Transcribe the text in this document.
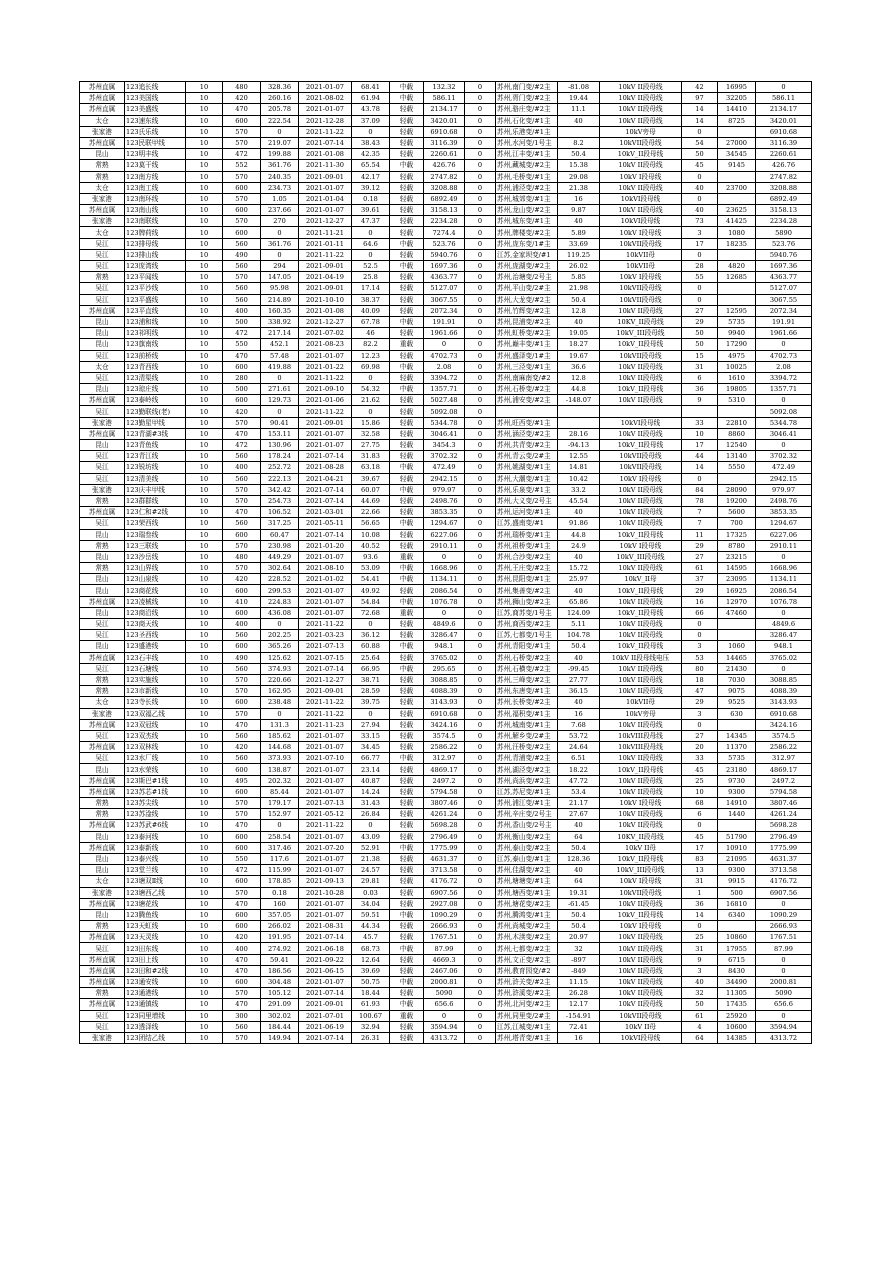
苏州直属	123追长线	10	480	328.36	2021-01-07	68.41	中载	132.32	0	苏州,南门变/#2主	-81.08	10kV II段母线	42	16995	0
苏州直属	123美国线	10	420	260.16	2021-08-02	61.94	中载	586.11	0	苏州,胥门变/#2主	19.44	10kV II段母线	97	32205	586.11
苏州直属	123美盛线	10	470	205.78	2021-01-07	43.78	轻载	2134.17	0	苏州,骆庄变/#2主	11.1	10kV II段母线	14	14410	2134.17
太仓	123速东线	10	600	222.54	2021-12-28	37.09	轻载	3420.01	0	苏州,石化变/#1主	40	10kV II段母线	14	8725	3420.01
张家港	123氏乐线	10	570	0	2021-11-22	0	轻载	6910.68	0	苏州,乐港变/#1主		10kV旁母	0		6910.68
苏州直属	123民联甲线	10	570	219.07	2021-07-14	38.43	轻载	3116.39	0	苏州,水河变/1号主	8.2	10kVII段母线	54	27000	3116.39
昆山	123明丰线	10	472	199.88	2021-01-08	42.35	轻载	2260.61	0	苏州,江丰变/#1主	50.4	10kV_II段母线	50	34545	2260.61
常熟	123莫干线	10	552	361.76	2021-11-30	65.54	中载	426.76	0	苏州,藏城变/#2主	15.38	10kV II段母线	45	9145	426.76
常熟	123南方线	10	570	240.35	2021-09-01	42.17	轻载	2747.82	0	苏州,毛桥变/#1主	29.08	10kV I段母线	0		2747.82
太仓	123南工线	10	600	234.73	2021-01-07	39.12	轻载	3208.88	0	苏州,浦泾变/#2主	21.38	10kV II段母线	40	23700	3208.88
张家港	123南环线	10	570	1.05	2021-01-04	0.18	轻载	6892.49	0	苏州,城郊变/#1主	16	10kVI段母线	0		6892.49
苏州直属	123南山线	10	600	237.66	2021-01-07	39.61	轻载	3158.13	0	苏州,龙山变/#2主	9.87	10kV II段母线	40	23625	3158.13
张家港	123南联线	10	570	270	2021-12-27	47.37	轻载	2234.28	0	苏州,城东变/#1主	40	10kVI段母线	73	41425	2234.28
太仓	123牌荷线	10	600	0	2021-11-21	0	轻载	7274.4	0	苏州,牌楼变/#2主	5.89	10kV I段母线	3	1080	5890
吴江	123排母线	10	560	361.76	2021-01-11	64.6	中载	523.76	0	苏州,庞东变/1#主	33.69	10kVII段母线	17	18235	523.76
吴江	123排山线	10	490	0	2021-11-22	0	轻载	5940.76	0	江苏,金家坝变/#1	119.25	10kVII母	0		5940.76
吴江	123庞湾线	10	560	294	2021-09-01	52.5	中载	1697.36	0	苏州,庞湖变/#2主	26.02	10kVII母	28	4820	1697.36
常熟	123平闻线	10	570	147.05	2021-04-19	25.8	轻载	4363.77	0	苏州,治塘变/2号主	5.85	10kV I段母线	55	12685	4363.77
吴江	123平沙线	10	560	95.98	2021-09-01	17.14	轻载	5127.07	0	苏州,平山变/2#主	21.98	10kVII段母线	0		5127.07
吴江	123平盛线	10	560	214.89	2021-10-10	38.37	轻载	3067.55	0	苏州,大龙变/#2主	50.4	10kVII段母线	0		3067.55
苏州直属	123平直线	10	400	160.35	2021-01-08	40.09	轻载	2072.34	0	苏州,竹辉变/#2主	12.8	10kV II段母线	27	12595	2072.34
昆山	123浦和线	10	500	338.92	2021-12-27	67.78	中载	191.91	0	苏州,昆浦变/#2主	40	10KV_II段母线	29	5735	191.91
昆山	123祁明线	10	472	217.14	2021-07-02	46	轻载	1961.66	0	苏州,虹桥变/#2主	19.05	10kV_III段母线	50	9940	1961.66
昆山	123旗南线	10	550	452.1	2021-08-23	82.2	重载	0	0	苏州,巅丰变/#1主	18.27	10kV_II段母线	50	17290	0
吴江	123前桥线	10	470	57.48	2021-01-07	12.23	轻载	4702.73	0	苏州,盛泽变/1#主	19.67	10kVII段母线	15	4975	4702.73
太仓	123青西线	10	600	419.88	2021-01-22	69.98	中载	2.08	0	苏州,三泾变/#1主	36.6	10kV II段母线	31	10025	2.08
吴江	123清渠线	10	280	0	2021-11-22	0	轻载	3394.72	0	苏州,南麻南变/#2	12.8	10kV II段母线	6	1610	3394.72
昆山	123琼庄线	10	500	271.61	2021-09-10	54.32	中载	1357.71	0	苏州,石桥变/#2主	44.8	10kV_II段母线	36	19805	1357.71
苏州直属	123泰岭线	10	600	129.73	2021-01-06	21.62	轻载	5027.48	0	苏州,浦安变/#2主	-148.07	10kV II段母线	9	5310	0
吴江	123勤联线(老)	10	420	0	2021-11-22	0	轻载	5092.08	0						5092.08
张家港	123勤星甲线	10	570	90.41	2021-09-01	15.86	轻载	5344.78	0	苏州,旺西变/#1主		10kVI段母线	33	22810	5344.78
苏州直属	123青湖#3线	10	470	153.11	2021-01-07	32.58	轻载	3046.41	0	苏州,涵泾变/#2主	28.16	10kV II段母线	10	8860	3046.41
昆山	123青鱼线	10	472	130.96	2021-01-07	27.75	轻载	3454.3	0	苏州,共青变/#2主	-94.13	10kV_II段母线	17	12540	0
吴江	123青江线	10	560	178.24	2021-07-14	31.83	轻载	3702.32	0	苏州,青云变/2#主	12.55	10kVII段母线	44	13140	3702.32
吴江	123锐坊线	10	400	252.72	2021-08-28	63.18	中载	472.49	0	苏州,姚湖变/#1主	14.81	10kVII段母线	14	5550	472.49
吴江	123清美线	10	560	222.13	2021-04-21	39.67	轻载	2942.15	0	苏州,大潮变/#1主	10.42	10kV I段母线	0		2942.15
张家港	123庆丰甲线	10	570	342.42	2021-07-14	60.07	中载	979.97	0	苏州,乐泉变/#1主	33.2	10kV II段母线	84	28090	979.97
常熟	123群群线	10	570	254.73	2021-07-14	44.69	轻载	2498.76	0	苏州,大义变/2号主	45.54	10kV II段母线	78	19200	2498.76
苏州直属	123仁和#2线	10	470	106.52	2021-03-01	22.66	轻载	3853.35	0	苏州,运河变/#1主	40	10kV II段母线	7	5600	3853.35
吴江	123荣西线	10	560	317.25	2021-05-11	56.65	中载	1294.67	0	江苏,盛南变/#1	91.86	10kV II段母线	7	700	1294.67
昆山	123瑞叁线	10	600	60.47	2021-07-14	10.08	轻载	6227.06	0	苏州,瑞桥变/#1主	44.8	10kV_II段母线	11	17325	6227.06
常熟	123三联线	10	570	230.98	2021-01-20	40.52	轻载	2910.11	0	苏州,祖桥变/#1主	24.9	10kV I段母线	29	8780	2910.11
昆山	123沙岳线	10	480	449.29	2021-01-07	93.6	重载	0	0	苏州,合沙变/#2主	40	10kV_III段母线	27	23215	0
常熟	123山界线	10	570	302.64	2021-08-10	53.09	中载	1668.96	0	苏州,王庄变/#2主	15.72	10kV II段母线	61	14595	1668.96
昆山	123山泉线	10	420	228.52	2021-01-02	54.41	中载	1134.11	0	苏州,昆阳变/#1主	25.97	10kV_II母	37	23095	1134.11
昆山	123商花线	10	600	299.53	2021-01-07	49.92	轻载	2086.54	0	苏州,集善变/#2主	40	10kV_II段母线	29	16925	2086.54
苏州直属	123凌械线	10	410	224.83	2021-01-07	54.84	中载	1076.78	0	苏州,狮山变/#2主	65.86	10kV II段母线	16	12970	1076.78
昆山	123商沿线	10	600	436.08	2021-01-07	72.68	重载	0	0	江苏,商苏变/1号主	124.09	10kV_II段母线	66	47460	0
吴江	123商天线	10	400	0	2021-11-22	0	轻载	4849.6	0	苏州,商西变/#2主	5.11	10kV II段母线	0		4849.6
吴江	123圣西线	10	560	202.25	2021-03-23	36.12	轻载	3286.47	0	江苏,七都变/1号主	104.78	10kV II段母线	0		3286.47
昆山	123盛港线	10	600	365.26	2021-07-13	60.88	中载	948.1	0	苏州,青阳变/#1主	50.4	10kV_II段母线	3	1060	948.1
苏州直属	123石丰线	10	490	125.62	2021-07-15	25.64	轻载	3765.02	0	苏州,石桥变/#2主	40	10kV II段母线电压	53	14465	3765.02
吴江	123石塘线	10	560	374.93	2021-07-14	66.95	中载	295.65	0	苏州,石横变/#2主	-99.45	10kV II段母线	80	21430	0
常熟	123实施线	10	570	220.66	2021-12-27	38.71	轻载	3088.85	0	苏州,三峰变/#2主	27.77	10kV II段母线	18	7030	3088.85
常熟	123市新线	10	570	162.95	2021-09-01	28.59	轻载	4088.39	0	苏州,东唐变/#1主	36.15	10kV II段母线	47	9075	4088.39
太仓	123寺长线	10	600	238.48	2021-11-22	39.75	轻载	3143.93	0	苏州,长桥变/#2主	40	10kVII母	29	9525	3143.93
张家港	123双福乙线	10	570	0	2021-11-22	0	轻载	6910.68	0	苏州,福积变/#1主	16	10kV旁母	3	630	6910.68
苏州直属	123双冠线	10	470	131.3	2021-11-23	27.94	轻载	3424.16	0	苏州,城南变/#1主	7.68	10kV II段母线	0		3424.16
吴江	123双杰线	10	560	185.62	2021-01-07	33.15	轻载	3574.5	0	苏州,解乡变/2#主	53.72	10kVIII段母线	27	14345	3574.5
苏州直属	123双林线	10	420	144.68	2021-01-07	34.45	轻载	2586.22	0	苏州,汪桥变/#2主	24.64	10kVIII段母线	20	11370	2586.22
吴江	123水厂线	10	560	373.93	2021-07-10	66.77	中载	312.97	0	苏州,青浦变/#2主	6.51	10kV II段母线	33	5735	312.97
昆山	123水荣线	10	600	138.87	2021-01-07	23.14	轻载	4869.17	0	苏州,湖泾变/#2主	18.22	10kV_II段母线	45	23180	4869.17
苏州直属	123斯巴#1线	10	495	202.32	2021-01-07	40.87	轻载	2497.2	0	苏州,尚浜变/#2主	47.72	10kV II段母线	25	9730	2497.2
苏州直属	123苏芯#1线	10	600	85.44	2021-01-07	14.24	轻载	5794.58	0	江苏,苏尼变/#1主	53.4	10kV II段母线	10	9300	5794.58
常熟	123苏尖线	10	570	179.17	2021-07-13	31.43	轻载	3807.46	0	苏州,浦江变/#1主	21.17	10kV I段母线	68	14910	3807.46
常熟	123苏淦线	10	570	152.97	2021-05-12	26.84	轻载	4261.24	0	苏州,辛庄变/2号主	27.67	10kV II段母线	6	1440	4261.24
苏州直属	123苏武#6线	10	470	0	2021-11-22	0	轻载	5698.28	0	苏州,香山变/2号主	40	10kV II段母线	0		5698.28
昆山	123泰河线	10	600	258.54	2021-01-07	43.09	轻载	2796.49	0	苏州,衡山变/#2主	64	10KV_II段母线	45	51790	2796.49
苏州直属	123泰新线	10	600	317.46	2021-07-20	52.91	中载	1775.99	0	苏州,泰山变/#2主	50.4	10kV II母	17	10910	1775.99
昆山	123泰兴线	10	550	117.6	2021-01-07	21.38	轻载	4631.37	0	江苏,泰山变/#1主	128.36	10kV_II段母线	83	21095	4631.37
昆山	123堂兰线	10	472	115.99	2021-01-07	24.57	轻载	3713.58	0	苏州,佳湖变/#2主	40	10kV_III段母线	13	9300	3713.58
太仓	123塘双Ⅱ线	10	600	178.85	2021-09-13	29.81	轻载	4176.72	0	苏州,塘塘变/#1主	64	10kV I段母线	31	9915	4176.72
张家港	123塘西乙线	10	570	0.18	2021-10-28	0.03	轻载	6907.56	0	苏州,塘西变/#1主	19.31	10kVII段母线	1	500	6907.56
苏州直属	123塘花线	10	470	160	2021-01-07	34.04	轻载	2927.08	0	苏州,塘花变/#2主	-61.45	10kV II段母线	36	16810	0
昆山	123腾鱼线	10	600	357.05	2021-01-07	59.51	中载	1090.29	0	苏州,腾鸿变/#1主	50.4	10kV_II段母线	14	6340	1090.29
常熟	123天虹线	10	600	266.02	2021-08-31	44.34	轻载	2666.93	0	苏州,尚城变/#2主	50.4	10kV I段母线	0		2666.93
苏州直属	123天灵线	10	420	191.95	2021-07-14	45.7	轻载	1767.51	0	苏州,木渎变/#2主	20.97	10kV II段母线	25	10860	1767.51
吴江	123田东线	10	400	274.92	2021-06-18	68.73	中载	87.99	0	苏州,七都变/#2主	32	10kV II段母线	31	17955	87.99
苏州直属	123田上线	10	470	59.41	2021-09-22	12.64	轻载	4669.3	0	苏州,文正变/#2主	-897	10kV II段母线	9	6715	0
苏州直属	123田和#2线	10	470	186.56	2021-06-15	39.69	轻载	2467.06	0	苏州,教育园变/#2	-849	10kV II段母线	3	8430	0
苏州直属	123通安线	10	600	304.48	2021-01-07	50.75	中载	2000.81	0	苏州,浒关变/#2主	11.15	10kV II段母线	40	34490	2000.81
常熟	123通港线	10	570	105.12	2021-07-14	18.44	轻载	5090	0	苏州,浒溪变/#2主	26.28	10kV II段母线	32	11305	5090
苏州直属	123通镇线	10	470	291.09	2021-09-01	61.93	中载	656.6	0	苏州,北河变/#2主	12.17	10kV II段母线	50	17435	656.6
吴江	123同里增线	10	300	302.02	2021-07-01	100.67	重载	0	0	苏州,同里变/2#主	-154.91	10kVII段母线	61	25920	0
吴江	123透泽线	10	560	184.44	2021-06-19	32.94	轻载	3594.94	0	江苏,江城变/#1主	72.41	10kV II母	4	10600	3594.94
张家港	123团结乙线	10	570	149.94	2021-07-14	26.31	轻载	4313.72	0	苏州,塔青变/#1主	16	10kVI段母线	64	14385	4313.72
